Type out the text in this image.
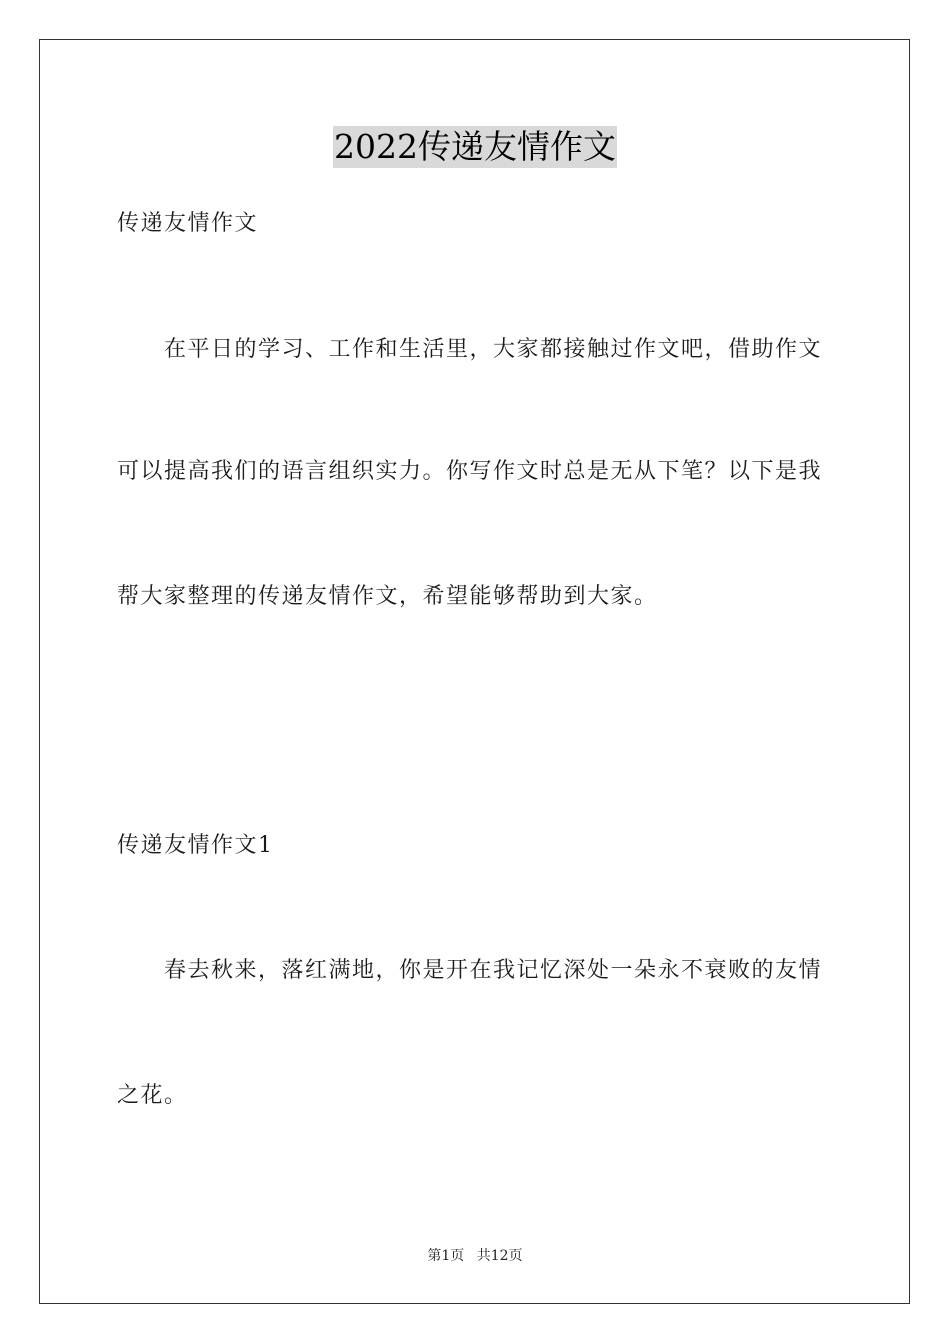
2022传递友情作文
传递友情作文
在平日的学习、工作和生活里，大家都接触过作文吧，借助作文
可以提高我们的语言组织实力。你写作文时总是无从下笔？以下是我
帮大家整理的传递友情作文，希望能够帮助到大家。
传递友情作文1
春去秋来，落红满地，你是开在我记忆深处一朵永不衰败的友情
之花。
第1页 共12页
